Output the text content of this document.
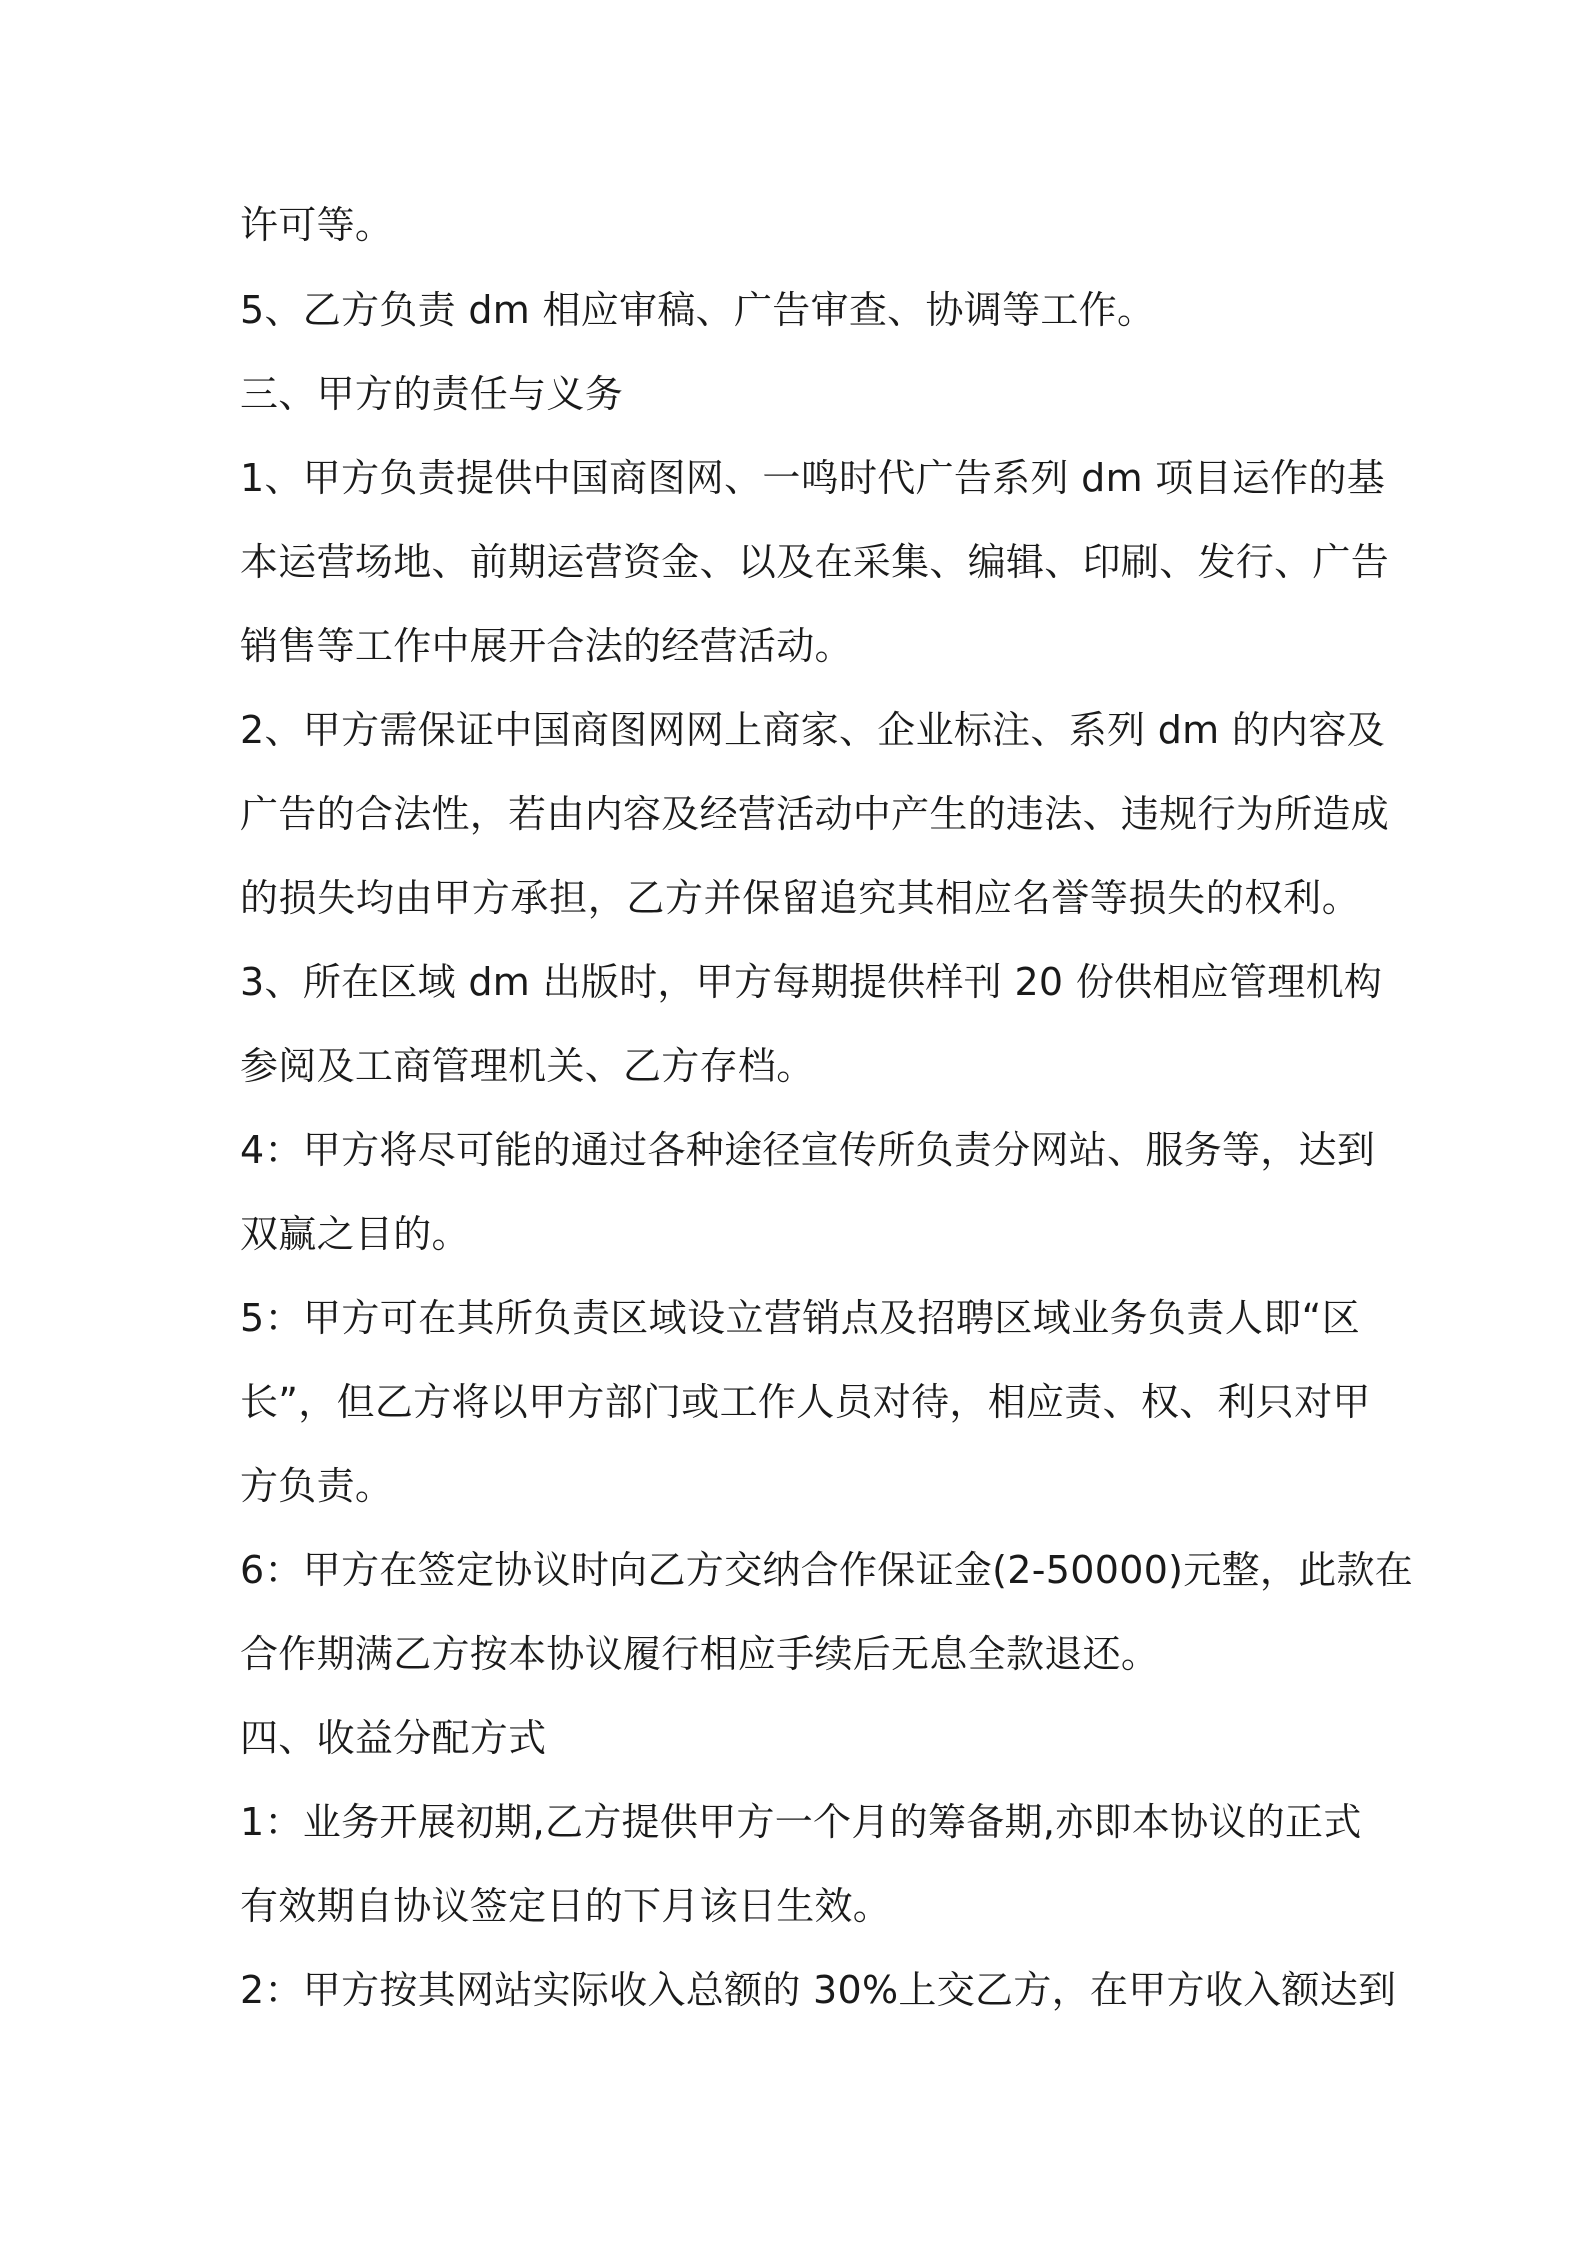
许可等。
5、乙方负责 dm 相应审稿、广告审查、协调等工作。
三、甲方的责任与义务
1、甲方负责提供中国商图网、一鸣时代广告系列 dm 项目运作的基
本运营场地、前期运营资金、以及在采集、编辑、印刷、发行、广告
销售等工作中展开合法的经营活动。
2、甲方需保证中国商图网网上商家、企业标注、系列 dm 的内容及
广告的合法性，若由内容及经营活动中产生的违法、违规行为所造成
的损失均由甲方承担，乙方并保留追究其相应名誉等损失的权利。
3、所在区域 dm 出版时，甲方每期提供样刊 20 份供相应管理机构
参阅及工商管理机关、乙方存档。
4：甲方将尽可能的通过各种途径宣传所负责分网站、服务等，达到
双赢之目的。
5：甲方可在其所负责区域设立营销点及招聘区域业务负责人即“区
长”，但乙方将以甲方部门或工作人员对待，相应责、权、利只对甲
方负责。
6：甲方在签定协议时向乙方交纳合作保证金(2-50000)元整，此款在
合作期满乙方按本协议履行相应手续后无息全款退还。
四、收益分配方式
1：业务开展初期,乙方提供甲方一个月的筹备期,亦即本协议的正式
有效期自协议签定日的下月该日生效。
2：甲方按其网站实际收入总额的 30%上交乙方，在甲方收入额达到
